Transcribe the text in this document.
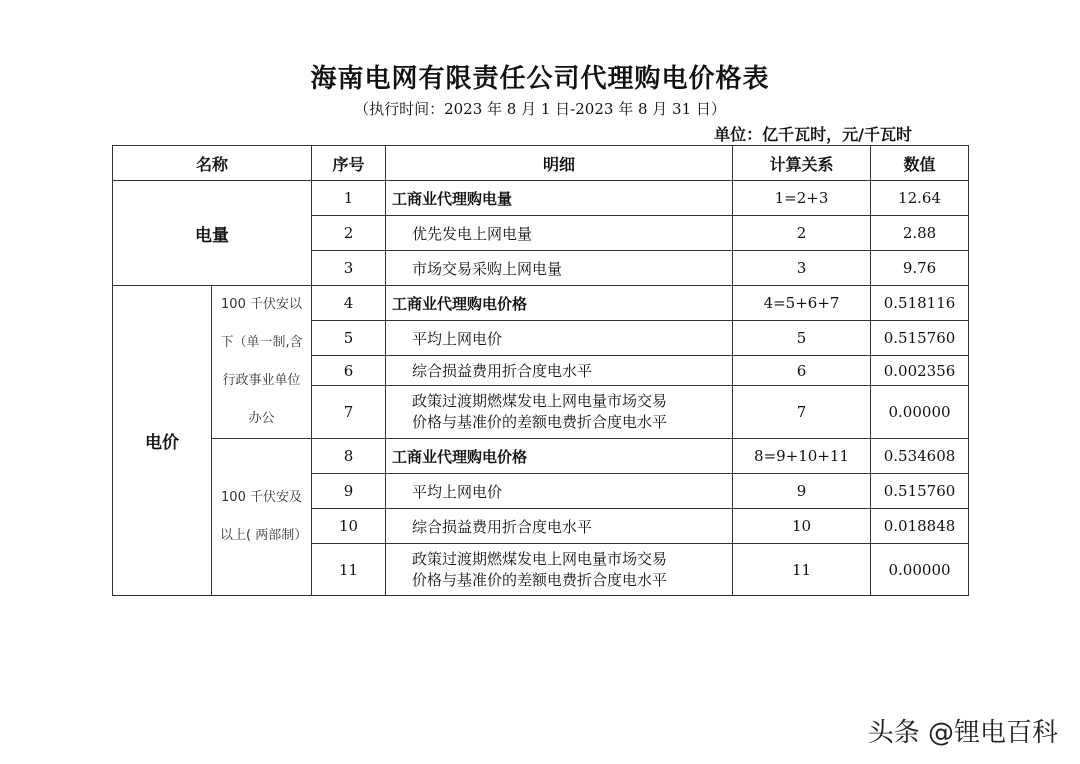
海南电网有限责任公司代理购电价格表
（执行时间：2023 年 8 月 1 日-2023 年 8 月 31 日）
单位：亿千瓦时，元/千瓦时
名称		序号	明细	计算关系	数值
电量		1	工商业代理购电量	1=2+3	12.64
		2	优先发电上网电量	2	2.88
		3	市场交易采购上网电量	3	9.76
电价	100 千伏安以下（单一制,含行政事业单位办公	4	工商业代理购电价格	4=5+6+7	0.518116
		5	平均上网电价	5	0.515760
		6	综合损益费用折合度电水平	6	0.002356
		7	政策过渡期燃煤发电上网电量市场交易
价格与基准价的差额电费折合度电水平	7	0.00000
	100 千伏安及以上( 两部制）	8	工商业代理购电价格	8=9+10+11	0.534608
		9	平均上网电价	9	0.515760
		10	综合损益费用折合度电水平	10	0.018848
		11	政策过渡期燃煤发电上网电量市场交易
价格与基准价的差额电费折合度电水平	11	0.00000
头条 @锂电百科
